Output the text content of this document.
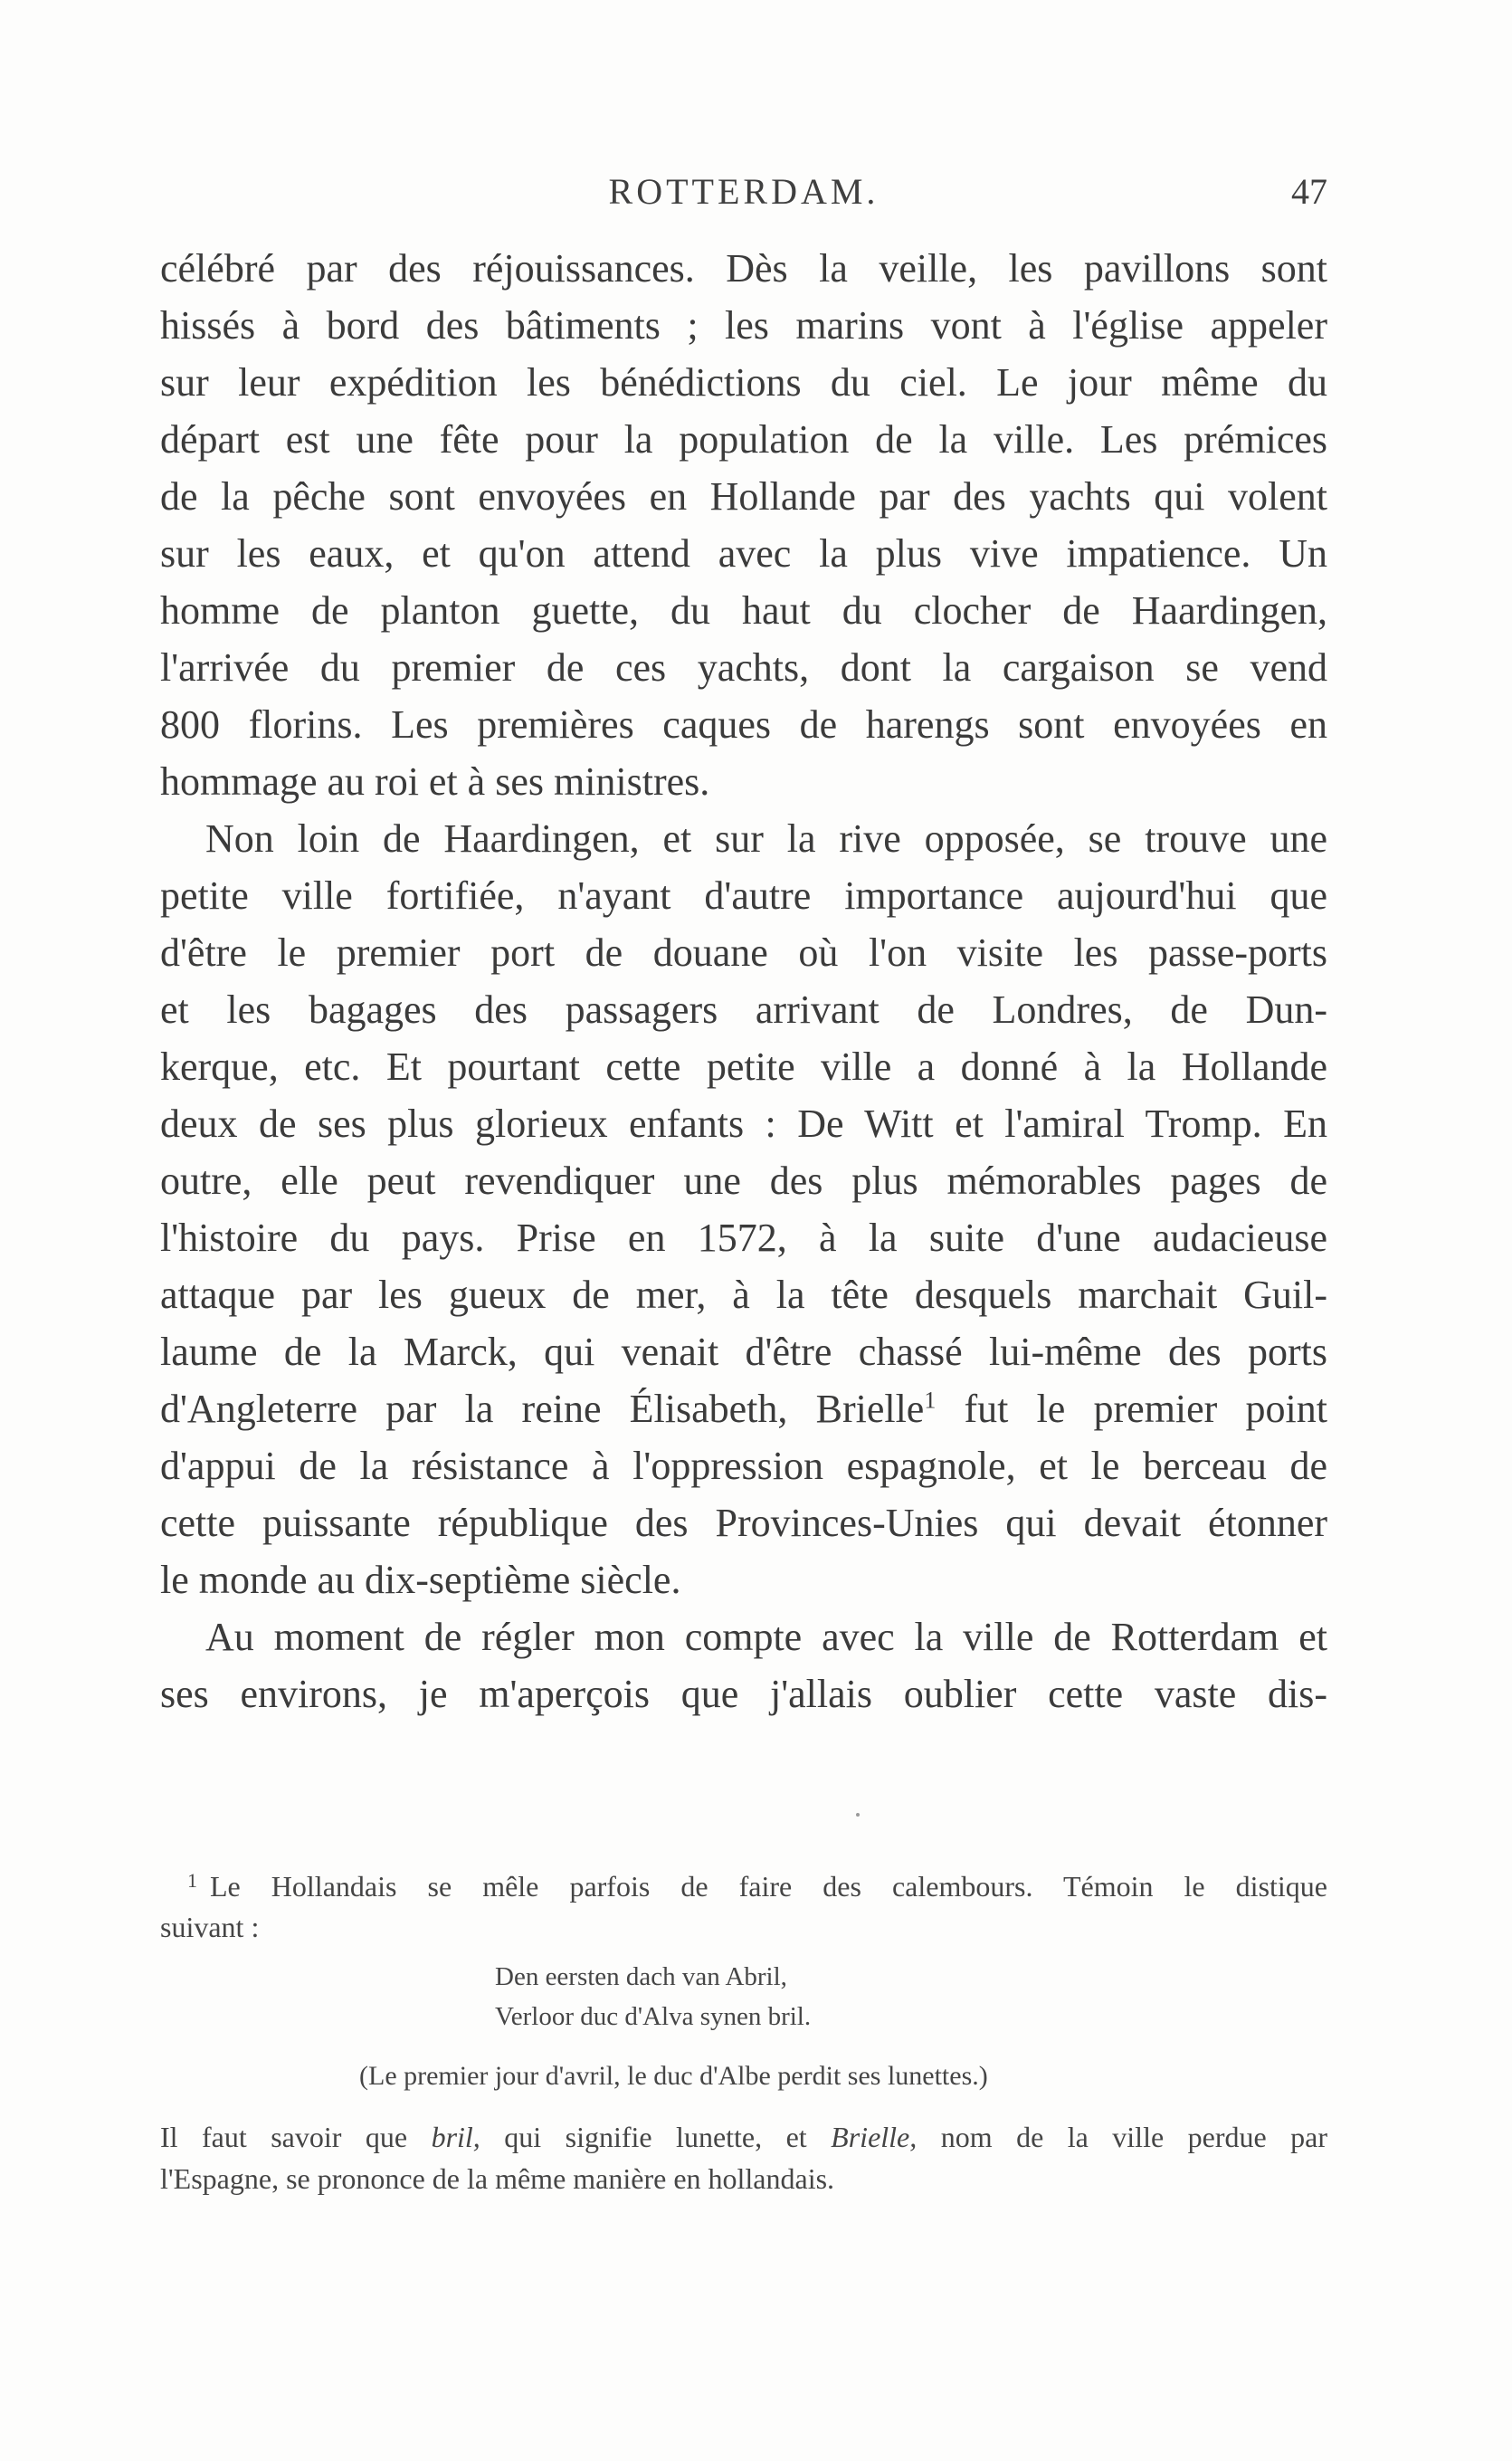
ROTTERDAM.	47
célébré par des réjouissances. Dès la veille, les pavillons sont
hissés à bord des bâtiments ; les marins vont à l'église appeler
sur leur expédition les bénédictions du ciel. Le jour même du
départ est une fête pour la population de la ville. Les prémices
de la pêche sont envoyées en Hollande par des yachts qui volent
sur les eaux, et qu'on attend avec la plus vive impatience. Un
homme de planton guette, du haut du clocher de Haardingen,
l'arrivée du premier de ces yachts, dont la cargaison se vend
800 florins. Les premières caques de harengs sont envoyées en
hommage au roi et à ses ministres.
Non loin de Haardingen, et sur la rive opposée, se trouve une
petite ville fortifiée, n'ayant d'autre importance aujourd'hui que
d'être le premier port de douane où l'on visite les passe-ports
et les bagages des passagers arrivant de Londres, de Dun-
kerque, etc. Et pourtant cette petite ville a donné à la Hollande
deux de ses plus glorieux enfants : De Witt et l'amiral Tromp. En
outre, elle peut revendiquer une des plus mémorables pages de
l'histoire du pays. Prise en 1572, à la suite d'une audacieuse
attaque par les gueux de mer, à la tête desquels marchait Guil-
laume de la Marck, qui venait d'être chassé lui-même des ports
d'Angleterre par la reine Élisabeth, Brielle$^1$ fut le premier point
d'appui de la résistance à l'oppression espagnole, et le berceau de
cette puissante république des Provinces-Unies qui devait étonner
le monde au dix-septième siècle.
Au moment de régler mon compte avec la ville de Rotterdam et
ses environs, je m'aperçois que j'allais oublier cette vaste dis-
$^1$ Le Hollandais se mêle parfois de faire des calembours. Témoin le distique
suivant :
Den eersten dach van Abril,
Verloor duc d'Alva synen bril.
(Le premier jour d'avril, le duc d'Albe perdit ses lunettes.)
Il faut savoir que bril, qui signifie lunette, et Brielle, nom de la ville perdue par
l'Espagne, se prononce de la même manière en hollandais.
